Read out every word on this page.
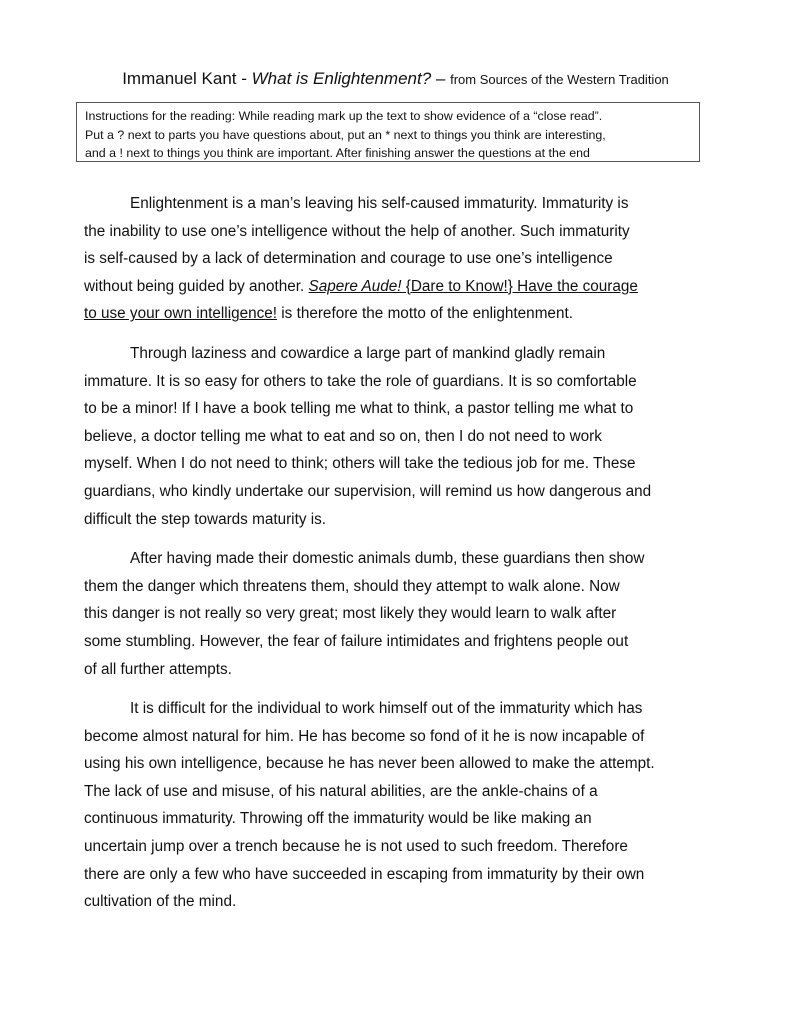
Immanuel Kant - What is Enlightenment? – from Sources of the Western Tradition
Instructions for the reading: While reading mark up the text to show evidence of a “close read”.
Put a ? next to parts you have questions about, put an * next to things you think are interesting,
and a ! next to things you think are important. After finishing answer the questions at the end
Enlightenment is a man’s leaving his self-caused immaturity. Immaturity is
the inability to use one’s intelligence without the help of another. Such immaturity
is self-caused by a lack of determination and courage to use one’s intelligence
without being guided by another. Sapere Aude! {Dare to Know!} Have the courage
to use your own intelligence! is therefore the motto of the enlightenment.
Through laziness and cowardice a large part of mankind gladly remain
immature. It is so easy for others to take the role of guardians. It is so comfortable
to be a minor! If I have a book telling me what to think, a pastor telling me what to
believe, a doctor telling me what to eat and so on, then I do not need to work
myself. When I do not need to think; others will take the tedious job for me. These
guardians, who kindly undertake our supervision, will remind us how dangerous and
difficult the step towards maturity is.
After having made their domestic animals dumb, these guardians then show
them the danger which threatens them, should they attempt to walk alone. Now
this danger is not really so very great; most likely they would learn to walk after
some stumbling. However, the fear of failure intimidates and frightens people out
of all further attempts.
It is difficult for the individual to work himself out of the immaturity which has
become almost natural for him. He has become so fond of it he is now incapable of
using his own intelligence, because he has never been allowed to make the attempt.
The lack of use and misuse, of his natural abilities, are the ankle-chains of a
continuous immaturity. Throwing off the immaturity would be like making an
uncertain jump over a trench because he is not used to such freedom. Therefore
there are only a few who have succeeded in escaping from immaturity by their own
cultivation of the mind.
